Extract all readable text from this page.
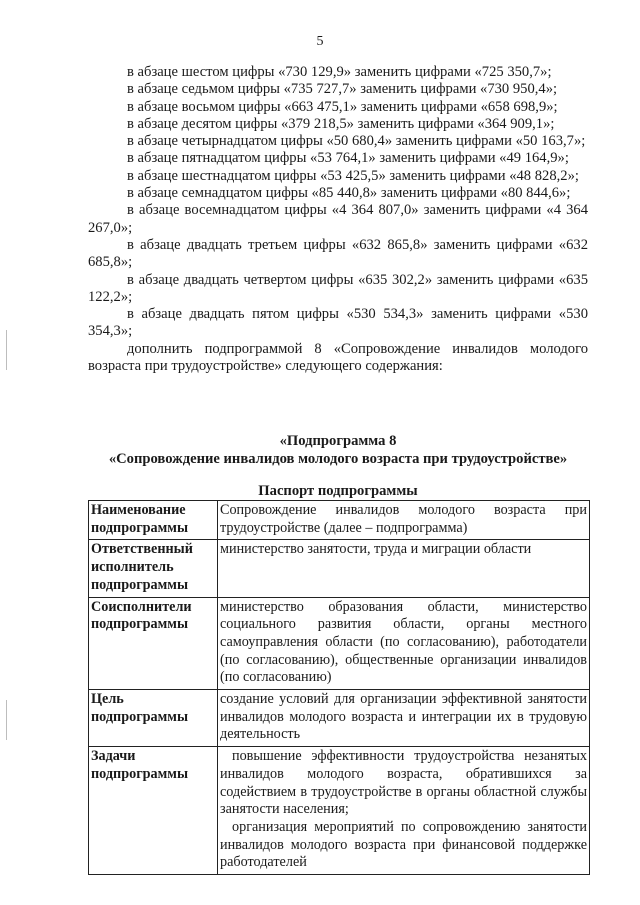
5

в абзаце шестом цифры «730 129,9» заменить цифрами «725 350,7»;

в абзаце седьмом цифры «735 727,7» заменить цифрами «730 950,4»;

в абзаце восьмом цифры «663 475,1» заменить цифрами «658 698,9»;

в абзаце десятом цифры «379 218,5» заменить цифрами «364 909,1»;

в абзаце четырнадцатом цифры «50 680,4» заменить цифрами «50 163,7»;

в абзаце пятнадцатом цифры «53 764,1» заменить цифрами «49 164,9»;

в абзаце шестнадцатом цифры «53 425,5» заменить цифрами «48 828,2»;

в абзаце семнадцатом цифры «85 440,8» заменить цифрами «80 844,6»;

в абзаце восемнадцатом цифры «4 364 807,0» заменить цифрами «4 364 267,0»;

в абзаце двадцать третьем цифры «632 865,8» заменить цифрами «632 685,8»;

в абзаце двадцать четвертом цифры «635 302,2» заменить цифрами «635 122,2»;

в абзаце двадцать пятом цифры «530 534,3» заменить цифрами «530 354,3»;

дополнить подпрограммой 8 «Сопровождение инвалидов молодого возраста при трудоустройстве» следующего содержания:

«Подпрограмма 8
«Сопровождение инвалидов молодого возраста при трудоустройстве»
Паспорт подпрограммы
Наименование подпрограммы	Сопровождение инвалидов молодого возраста при трудоустройстве (далее – подпрограмма)
Ответственный исполнитель подпрограммы	министерство занятости, труда и миграции области
Соисполнители подпрограммы	министерство образования области, министерство социального развития области, органы местного самоуправления области (по согласованию), работодатели (по согласованию), общественные организации инвалидов (по согласованию)
Цель подпрограммы	создание условий для организации эффективной занятости инвалидов молодого возраста и интеграции их в трудовую деятельность
Задачи подпрограммы	повышение эффективности трудоустройства незанятых инвалидов молодого возраста, обратившихся за содействием в трудоустройстве в органы областной службы занятости населения;
организация мероприятий по сопровождению занятости инвалидов молодого возраста при финансовой поддержке работодателей
